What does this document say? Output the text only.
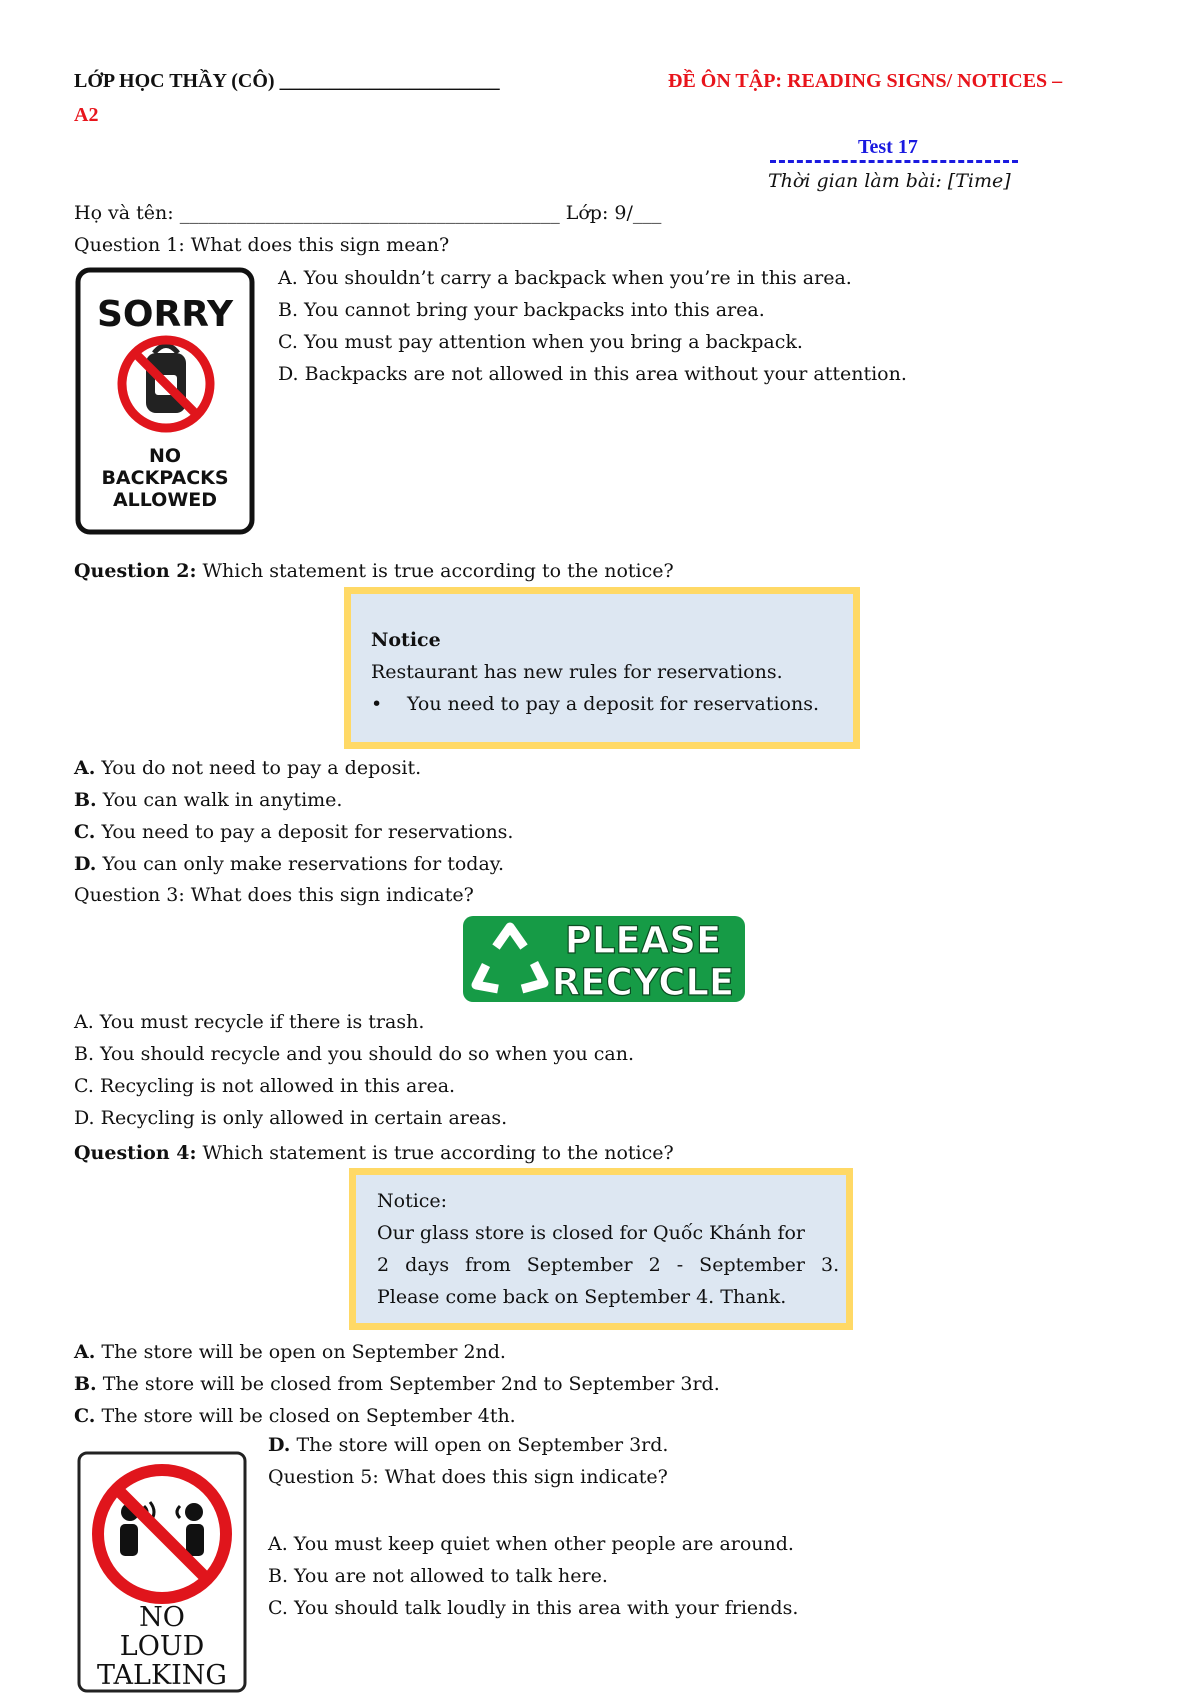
LỚP HỌC THẦY (CÔ) ______________________	ĐỀ ÔN TẬP: READING SIGNS/ NOTICES –
A2
Test 17
Thời gian làm bài: [Time]
Họ và tên: ________________________________________ Lớp: 9/___
Question 1: What does this sign mean?
SORRY
NO
BACKPACKS
ALLOWED
A. You shouldn’t carry a backpack when you’re in this area.
B. You cannot bring your backpacks into this area.
C. You must pay attention when you bring a backpack.
D. Backpacks are not allowed in this area without your attention.
Question 2: Which statement is true according to the notice?
Notice
Restaurant has new rules for reservations.
• You need to pay a deposit for reservations.
A. You do not need to pay a deposit.
B. You can walk in anytime.
C. You need to pay a deposit for reservations.
D. You can only make reservations for today.
Question 3: What does this sign indicate?
PLEASE
RECYCLE
A. You must recycle if there is trash.
B. You should recycle and you should do so when you can.
C. Recycling is not allowed in this area.
D. Recycling is only allowed in certain areas.
Question 4: Which statement is true according to the notice?
Notice:
Our glass store is closed for Quốc Khánh for
2 days from September 2 - September 3.
Please come back on September 4. Thank.
A. The store will be open on September 2nd.
B. The store will be closed from September 2nd to September 3rd.
C. The store will be closed on September 4th.
D. The store will open on September 3rd.
NO
LOUD
TALKING
Question 5: What does this sign indicate?
A. You must keep quiet when other people are around.
B. You are not allowed to talk here.
C. You should talk loudly in this area with your friends.
